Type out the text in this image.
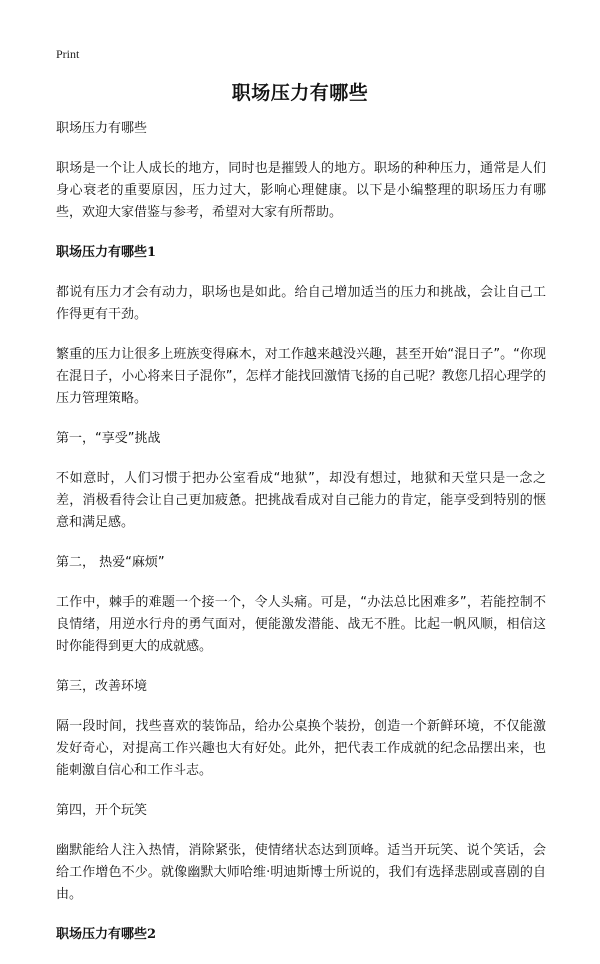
Print
职场压力有哪些

职场压力有哪些

职场是一个让人成长的地方，同时也是摧毁人的地方。职场的种种压力，通常是人们身心衰老的重要原因，压力过大，影响心理健康。以下是小编整理的职场压力有哪些，欢迎大家借鉴与参考，希望对大家有所帮助。

职场压力有哪些1

都说有压力才会有动力，职场也是如此。给自己增加适当的压力和挑战，会让自己工作得更有干劲。

繁重的压力让很多上班族变得麻木，对工作越来越没兴趣，甚至开始“混日子”。“你现在混日子，小心将来日子混你”，怎样才能找回激情飞扬的自己呢？教您几招心理学的压力管理策略。

第一，“享受”挑战

不如意时，人们习惯于把办公室看成“地狱”，却没有想过，地狱和天堂只是一念之差，消极看待会让自己更加疲惫。把挑战看成对自己能力的肯定，能享受到特别的惬意和满足感。

第二， 热爱“麻烦”

工作中，棘手的难题一个接一个，令人头痛。可是，“办法总比困难多”，若能控制不良情绪，用逆水行舟的勇气面对，便能激发潜能、战无不胜。比起一帆风顺，相信这时你能得到更大的成就感。

第三，改善环境

隔一段时间，找些喜欢的装饰品，给办公桌换个装扮，创造一个新鲜环境，不仅能激发好奇心，对提高工作兴趣也大有好处。此外，把代表工作成就的纪念品摆出来，也能刺激自信心和工作斗志。

第四，开个玩笑

幽默能给人注入热情，消除紧张，使情绪状态达到顶峰。适当开玩笑、说个笑话，会给工作增色不少。就像幽默大师哈维·明迪斯博士所说的，我们有选择悲剧或喜剧的自由。

职场压力有哪些2
